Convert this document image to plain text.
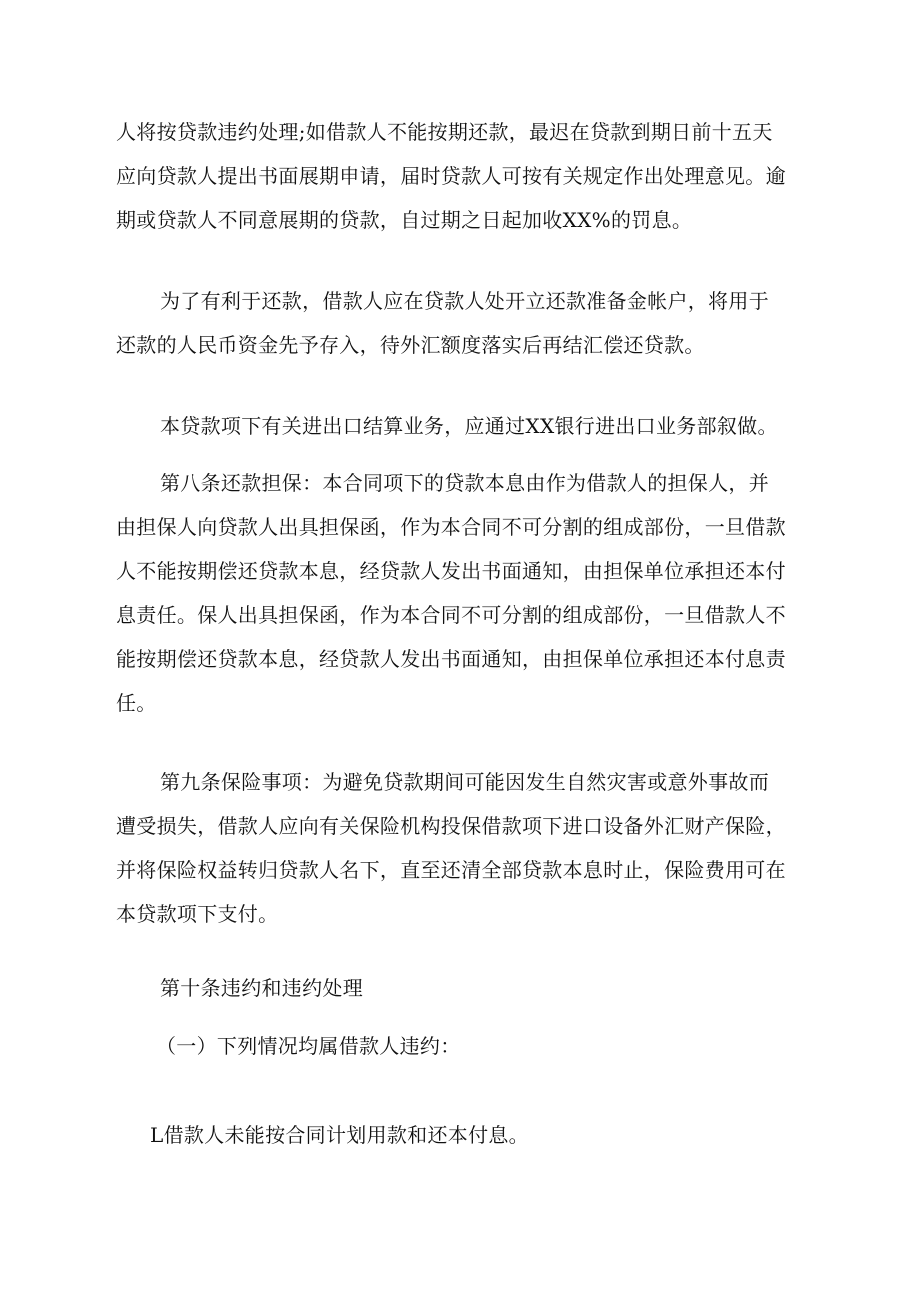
人将按贷款违约处理;如借款人不能按期还款，最迟在贷款到期日前十五天
应向贷款人提出书面展期申请，届时贷款人可按有关规定作出处理意见。逾
期或贷款人不同意展期的贷款，自过期之日起加收XX%的罚息。
为了有利于还款，借款人应在贷款人处开立还款准备金帐户，将用于
还款的人民币资金先予存入，待外汇额度落实后再结汇偿还贷款。
本贷款项下有关进出口结算业务，应通过XX银行进出口业务部叙做。
第八条还款担保：本合同项下的贷款本息由作为借款人的担保人，并
由担保人向贷款人出具担保函，作为本合同不可分割的组成部份，一旦借款
人不能按期偿还贷款本息，经贷款人发出书面通知，由担保单位承担还本付
息责任。保人出具担保函，作为本合同不可分割的组成部份，一旦借款人不
能按期偿还贷款本息，经贷款人发出书面通知，由担保单位承担还本付息责
任。
第九条保险事项：为避免贷款期间可能因发生自然灾害或意外事故而
遭受损失，借款人应向有关保险机构投保借款项下进口设备外汇财产保险，
并将保险权益转归贷款人名下，直至还清全部贷款本息时止，保险费用可在
本贷款项下支付。
第十条违约和违约处理
（一）下列情况均属借款人违约：
L借款人未能按合同计划用款和还本付息。
